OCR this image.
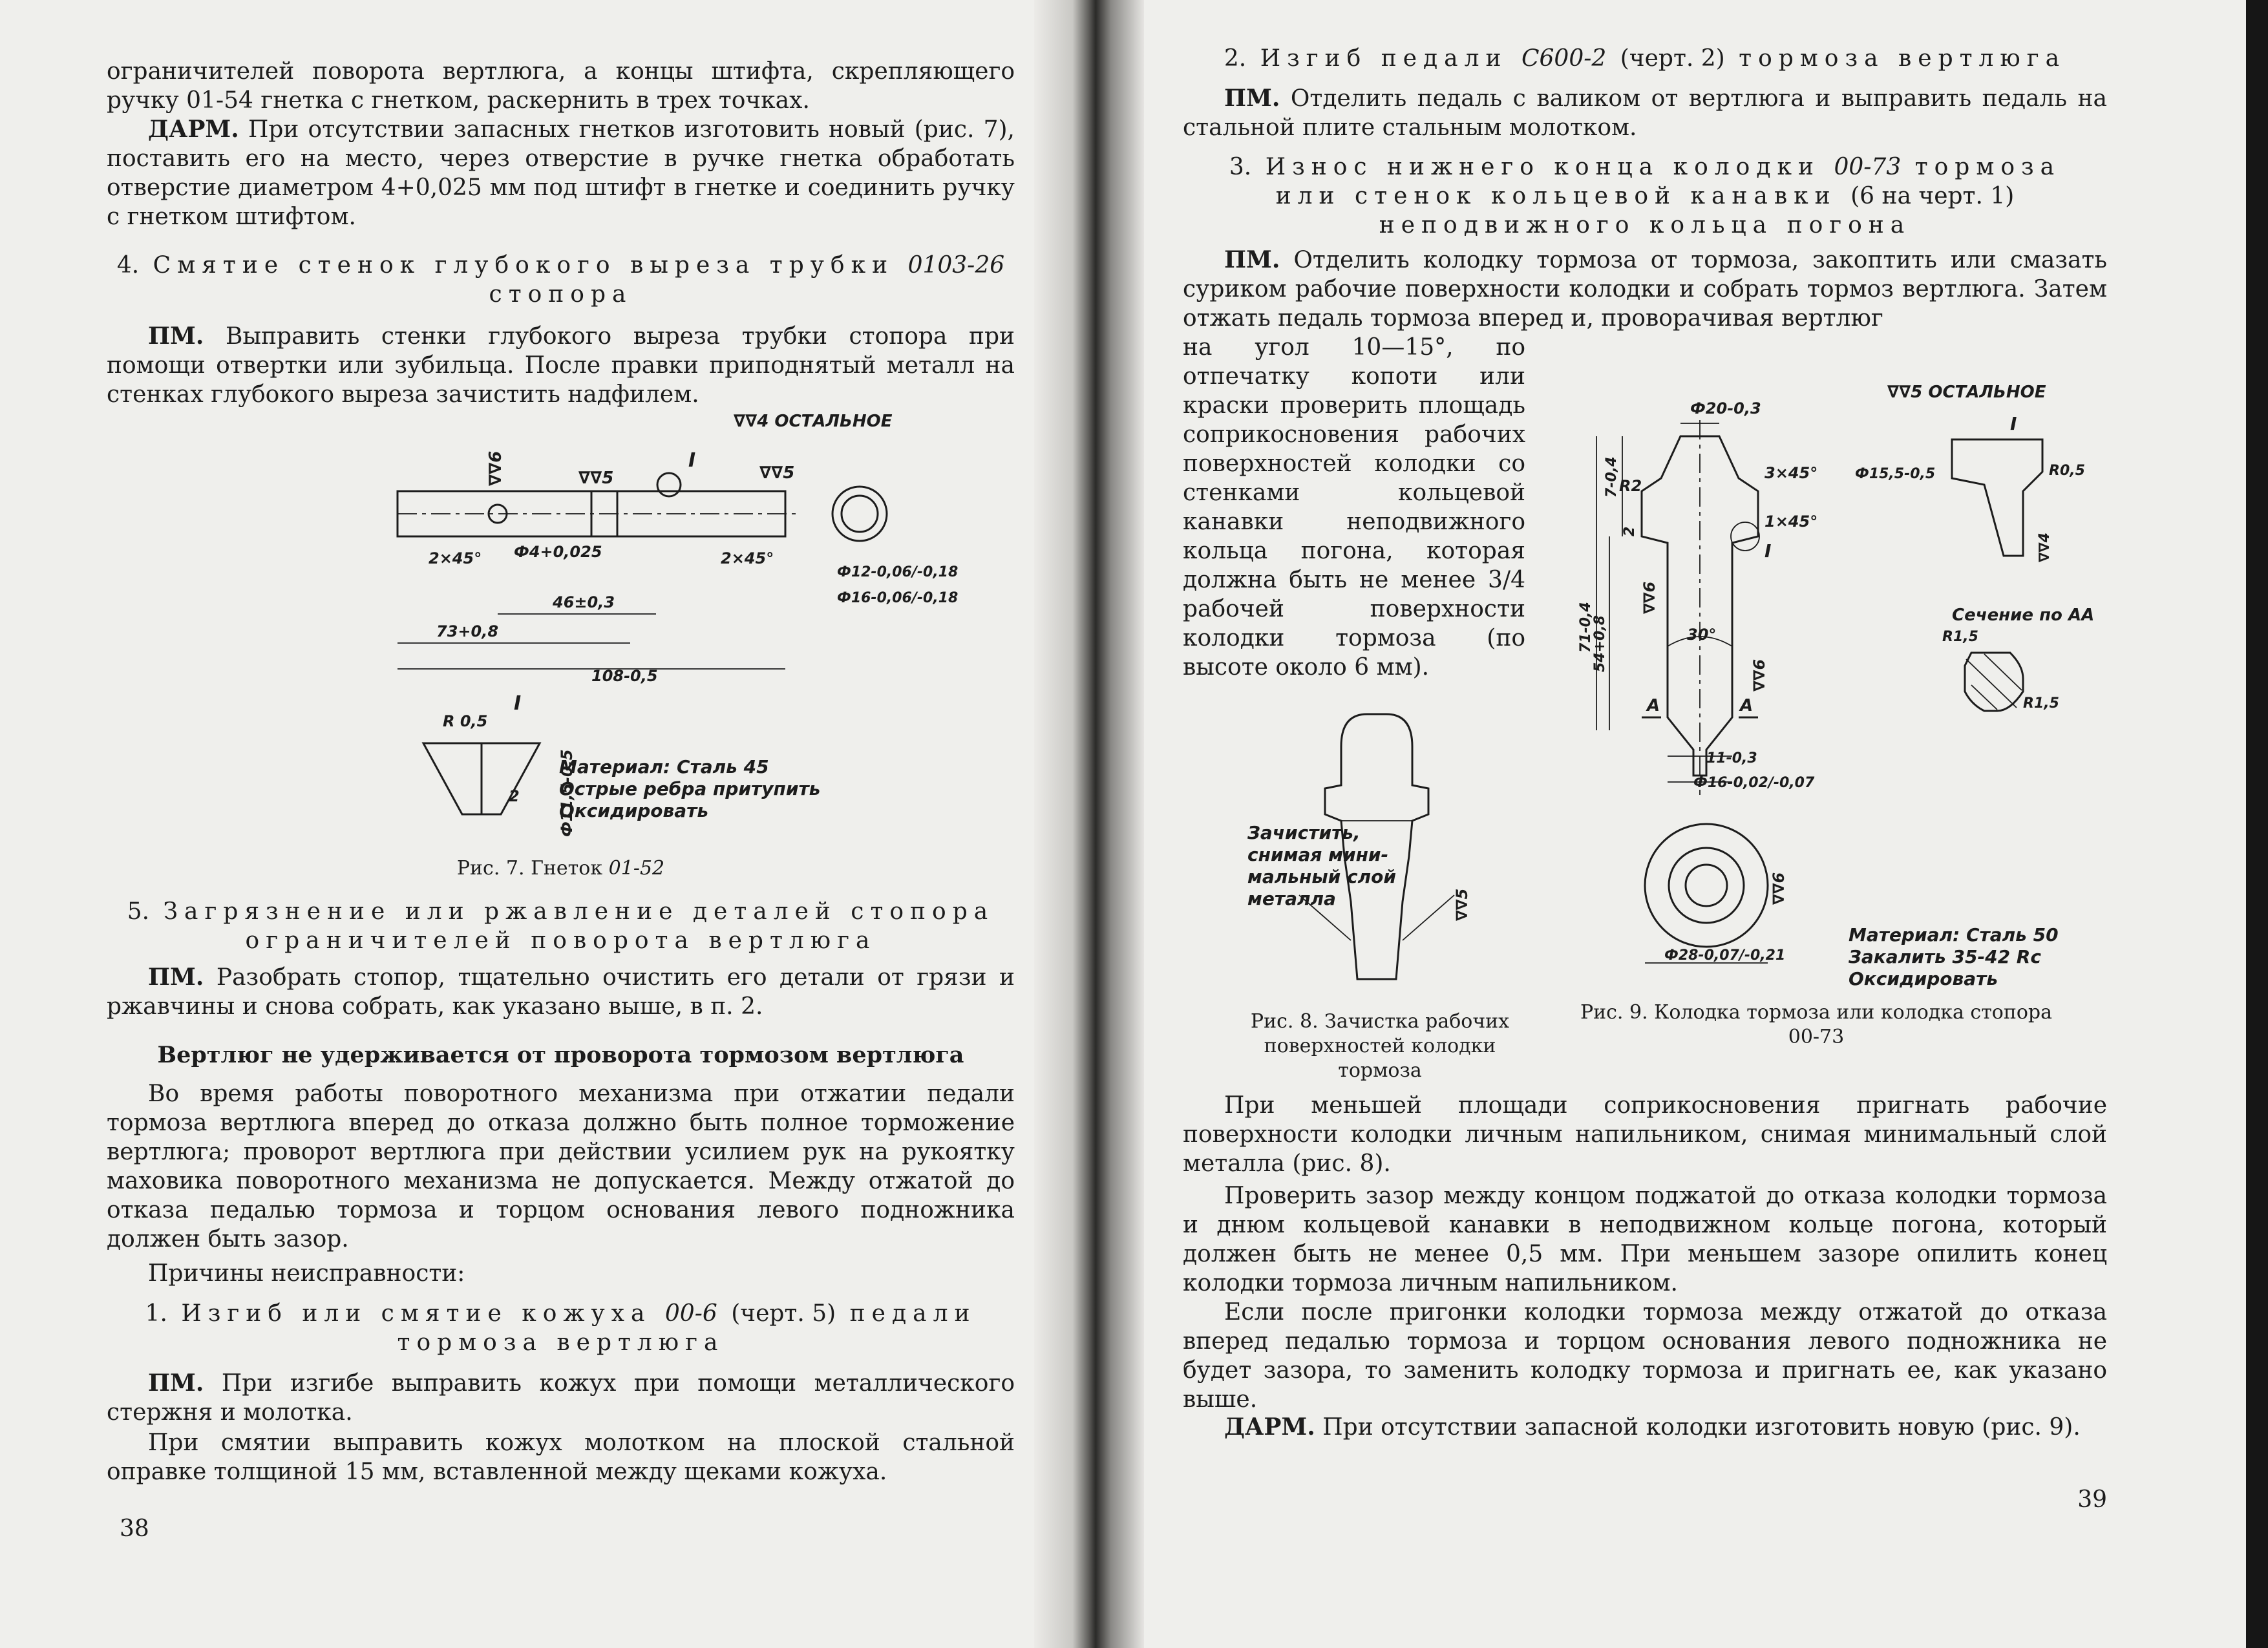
ограничителей поворота вертлюга, а концы штифта, скрепляющего ручку 01-54 гнетка с гнетком, раскернить в трех точках.

ДАРМ. При отсутствии запасных гнетков изготовить новый (рис. 7), поставить его на место, через отверстие в ручке гнетка обработать отверстие диаметром 4+0,025 мм под штифт в гнетке и соединить ручку с гнетком штифтом.

4. Смятие стенок глубокого выреза трубки 0103-26
стопора

ПМ. Выправить стенки глубокого выреза трубки стопора при помощи отвертки или зубильца. После правки приподнятый металл на стенках глубокого выреза зачистить надфилем.

∇∇4 ОСТАЛЬНОЕ
I
∇∇5	∇∇5
∇∇6
2×45° Ф4+0,025	2×45°
46±0,3
73+0,8
108-0,5
Ф12-0,06/-0,18
Ф16-0,06/-0,18
I
R 0,5
2 Ф11,5-0,5
Материал: Сталь 45
Острые ребра притупить
Оксидировать
Рис. 7. Гнеток 01-52
5. Загрязнение или ржавление деталей стопора
ограничителей поворота вертлюга

ПМ. Разобрать стопор, тщательно очистить его детали от грязи и ржавчины и снова собрать, как указано выше, в п. 2.

Вертлюг не удерживается от проворота тормозом вертлюга

Во время работы поворотного механизма при отжатии педали тормоза вертлюга вперед до отказа должно быть полное торможение вертлюга; проворот вертлюга при действии усилием рук на рукоятку маховика поворотного механизма не допускается. Между отжатой до отказа педалью тормоза и торцом основания левого подножника должен быть зазор.

Причины неисправности:

1. Изгиб или смятие кожуха 00-6 (черт. 5) педали
тормоза вертлюга

ПМ. При изгибе выправить кожух при помощи металлического стержня и молотка.

При смятии выправить кожух молотком на плоской стальной оправке толщиной 15 мм, вставленной между щеками кожуха.

38
2. Изгиб педали С600-2 (черт. 2) тормоза вертлюга

ПМ. Отделить педаль с валиком от вертлюга и выправить педаль на стальной плите стальным молотком.

3. Износ нижнего конца колодки 00-73 тормоза
или стенок кольцевой канавки (6 на черт. 1)
неподвижного кольца погона

ПМ. Отделить колодку тормоза от тормоза, закоптить или смазать суриком рабочие поверхности колодки и собрать тормоз вертлюга. Затем отжать педаль тормоза вперед и, проворачивая вертлюг

на угол 10—15°, по отпечатку копоти или краски проверить площадь соприкосновения рабочих поверхностей колодки со стенками кольцевой канавки неподвижного кольца погона, которая должна быть не менее 3/4 рабочей поверхности колодки тормоза (по высоте около 6 мм).

∇∇5
Зачистить,
снимая мини-
мальный слой
металла
Рис. 8. Зачистка рабочих поверхностей колодки тормоза
∇∇5 ОСТАЛЬНОЕ
Ф20-0,3
3×45°
R2
1×45°
I
7-0,4
2
71-0,4
54+0,8
∇∇6
30°
∇∇6
А	А
11-0,3
Ф16-0,02/-0,07
I
Ф15,5-0,5	R0,5
∇∇4
Сечение по АА
R1,5
R1,5
Ф28-0,07/-0,21
∇∇6
Материал: Сталь 50
Закалить 35-42 Rc
Оксидировать
Рис. 9. Колодка тормоза или колодка стопора 00-73

При меньшей площади соприкосновения пригнать рабочие поверхности колодки личным напильником, снимая минимальный слой металла (рис. 8).

Проверить зазор между концом поджатой до отказа колодки тормоза и днюм кольцевой канавки в неподвижном кольце погона, который должен быть не менее 0,5 мм. При меньшем зазоре опилить конец колодки тормоза личным напильником.

Если после пригонки колодки тормоза между отжатой до отказа вперед педалью тормоза и торцом основания левого подножника не будет зазора, то заменить колодку тормоза и пригнать ее, как указано выше.

ДАРМ. При отсутствии запасной колодки изготовить новую (рис. 9).

39
